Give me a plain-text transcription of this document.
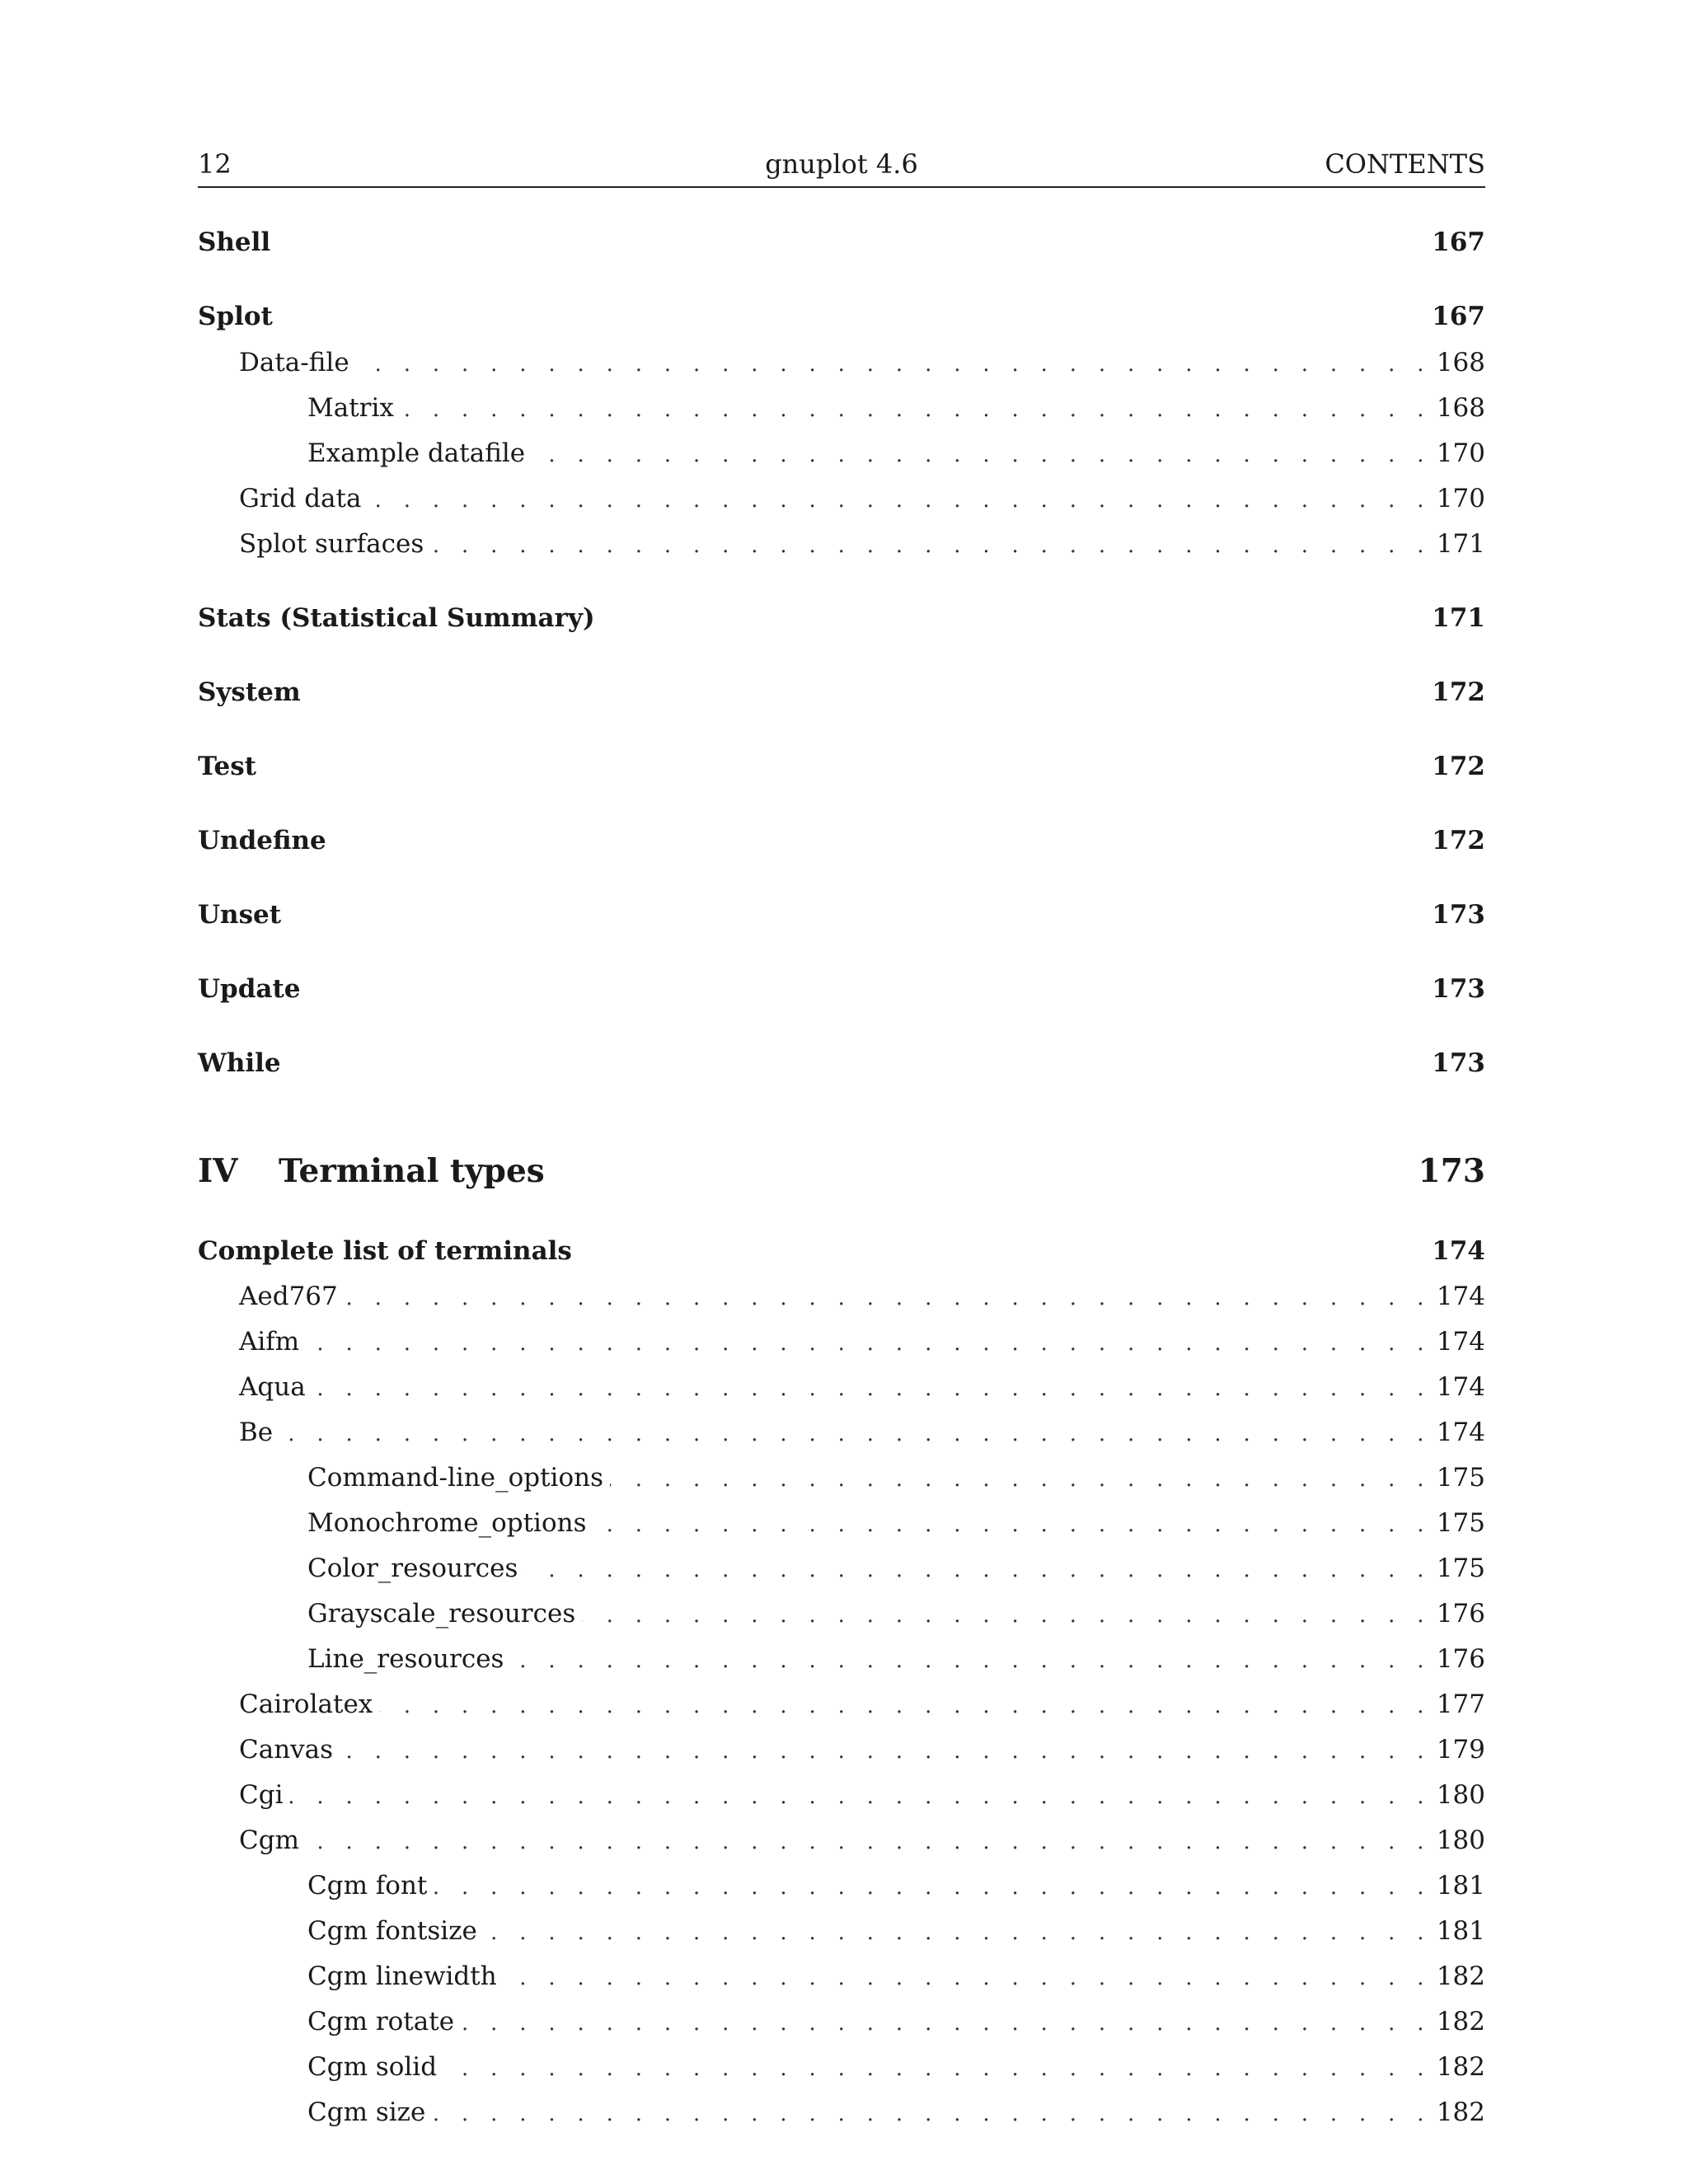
12	gnuplot 4.6	CONTENTS
Shell	167
Splot	167
Data-file . . .	168
Matrix . . .	168
Example datafile . . .	170
Grid data . . .	170
Splot surfaces . . .	171
Stats (Statistical Summary)	171
System	172
Test	172
Undefine	172
Unset	173
Update	173
While	173
IV Terminal types	173
Complete list of terminals	174
Aed767 . . .	174
Aifm . . .	174
Aqua . . .	174
Be . . .	174
Command-line_options . . .	175
Monochrome_options . . .	175
Color_resources . . .	175
Grayscale_resources . . .	176
Line_resources . . .	176
Cairolatex . . .	177
Canvas . . .	179
Cgi . . .	180
Cgm . . .	180
Cgm font . . .	181
Cgm fontsize . . .	181
Cgm linewidth . . .	182
Cgm rotate . . .	182
Cgm solid . . .	182
Cgm size . . .	182
